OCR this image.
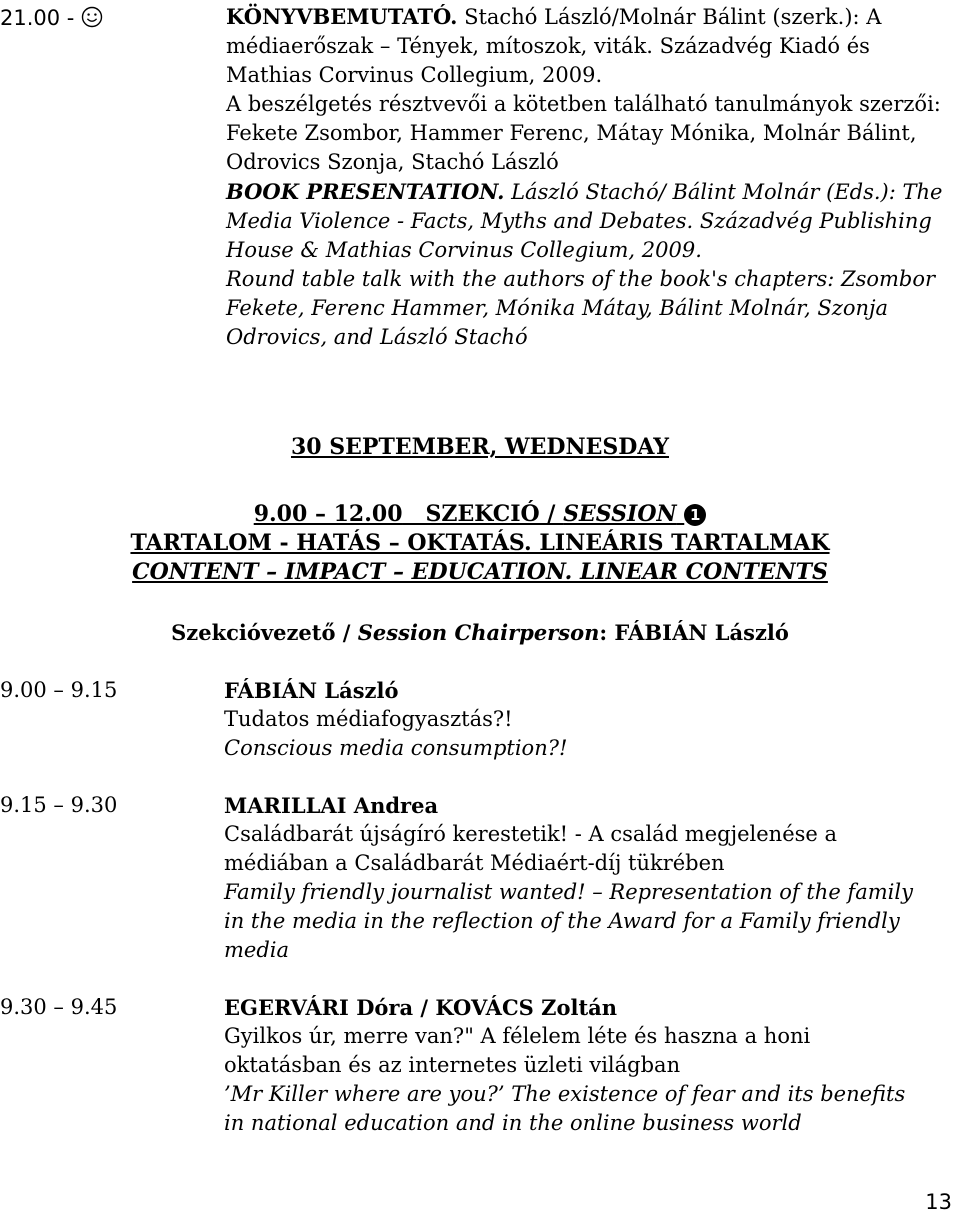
21.00 -	KÖNYVBEMUTATÓ. Stachó László/Molnár Bálint (szerk.): A médiaerőszak – Tények, mítoszok, viták. Századvég Kiadó és Mathias Corvinus Collegium, 2009.

A beszélgetés résztvevői a kötetben található tanulmányok szerzői: Fekete Zsombor, Hammer Ferenc, Mátay Mónika, Molnár Bálint, Odrovics Szonja, Stachó László

BOOK PRESENTATION. László Stachó/ Bálint Molnár (Eds.): The Media Violence - Facts, Myths and Debates. Századvég Publishing House & Mathias Corvinus Collegium, 2009.

Round table talk with the authors of the book's chapters: Zsombor Fekete, Ferenc Hammer, Mónika Mátay, Bálint Molnár, Szonja Odrovics, and László Stachó

30 SEPTEMBER, WEDNESDAY
9.00 – 12.00 SZEKCIÓ / SESSION 1
TARTALOM - HATÁS – OKTATÁS. LINEÁRIS TARTALMAK
CONTENT – IMPACT – EDUCATION. LINEAR CONTENTS
Szekcióvezető / Session Chairperson: FÁBIÁN László
9.00 – 9.15	FÁBIÁN László
Tudatos médiafogyasztás?!
Conscious media consumption?!
9.15 – 9.30	MARILLAI Andrea
Családbarát újságíró kerestetik! - A család megjelenése a médiában a Családbarát Médiaért-díj tükrében
Family friendly journalist wanted! – Representation of the family in the media in the reflection of the Award for a Family friendly media
9.30 – 9.45	EGERVÁRI Dóra / KOVÁCS Zoltán
Gyilkos úr, merre van?" A félelem léte és haszna a honi oktatásban és az internetes üzleti világban
’Mr Killer where are you?’ The existence of fear and its benefits in national education and in the online business world
13
